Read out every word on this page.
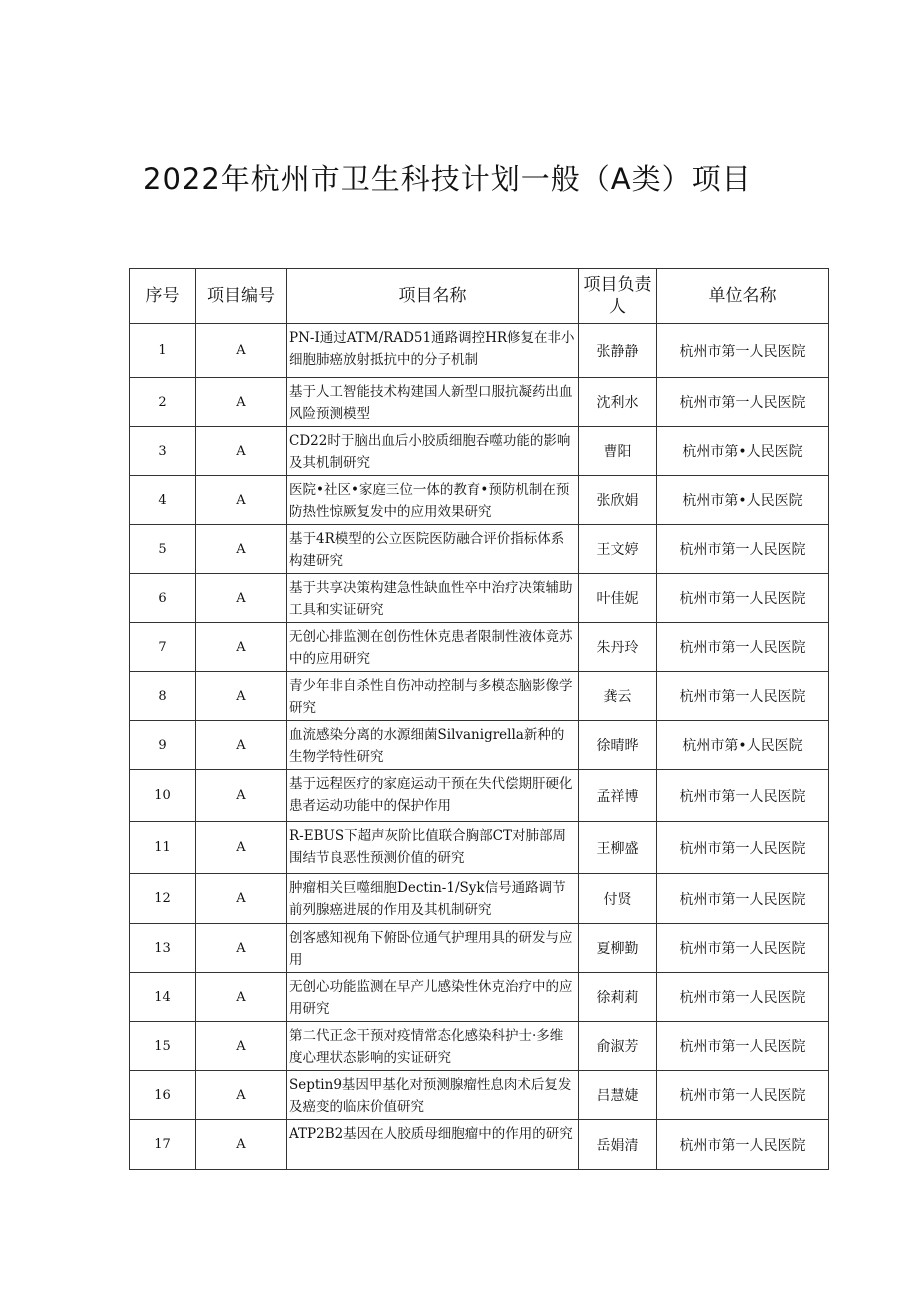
2022年杭州市卫生科技计划一般（A类）项目
序号	项目编号	项目名称	项目负责人	单位名称
1	A	PN-I通过ATM/RAD51通路调控HR修复在非小细胞肺癌放射抵抗中的分子机制	张静静	杭州市第一人民医院
2	A	基于人工智能技术构建国人新型口服抗凝药出血风险预测模型	沈利水	杭州市第一人民医院
3	A	CD22时于脑出血后小胶质细胞吞噬功能的影响及其机制研究	曹阳	杭州市第•人民医院
4	A	医院•社区•家庭三位一体的教育•预防机制在预防热性惊厥复发中的应用效果研究	张欣娟	杭州市第•人民医院
5	A	基于4R模型的公立医院医防融合评价指标体系构建研究	王文婷	杭州市第一人民医院
6	A	基于共享决策构建急性缺血性卒中治疗决策辅助工具和实证研究	叶佳妮	杭州市第一人民医院
7	A	无创心排监测在创伤性休克患者限制性液体竟苏中的应用研究	朱丹玲	杭州市第一人民医院
8	A	青少年非自杀性自伤冲动控制与多模态脑影像学研究	龚云	杭州市第一人民医院
9	A	血流感染分离的水源细菌Silvanigrella新种的生物学特性研究	徐晴晔	杭州市第•人民医院
10	A	基于远程医疗的家庭运动干预在失代偿期肝硬化患者运动功能中的保护作用	孟祥博	杭州市第一人民医院
11	A	R-EBUS下超声灰阶比值联合胸部CT对肺部周围结节良恶性预测价值的研究	王柳盛	杭州市第一人民医院
12	A	肿瘤相关巨噬细胞Dectin-1/Syk信号通路调节前列腺癌进展的作用及其机制研究	付贤	杭州市第一人民医院
13	A	创客感知视角下俯卧位通气护理用具的研发与应用	夏柳勤	杭州市第一人民医院
14	A	无创心功能监测在早产儿感染性休克治疗中的应用研究	徐莉莉	杭州市第一人民医院
15	A	第二代正念干预对疫情常态化感染科护士·多维度心理状态影响的实证研究	俞淑芳	杭州市第一人民医院
16	A	Septin9基因甲基化对预测腺瘤性息肉术后复发及癌变的临床价值研究	吕慧婕	杭州市第一人民医院
17	A	ATP2B2基因在人胶质母细胞瘤中的作用的研究	岳娟清	杭州市第一人民医院
